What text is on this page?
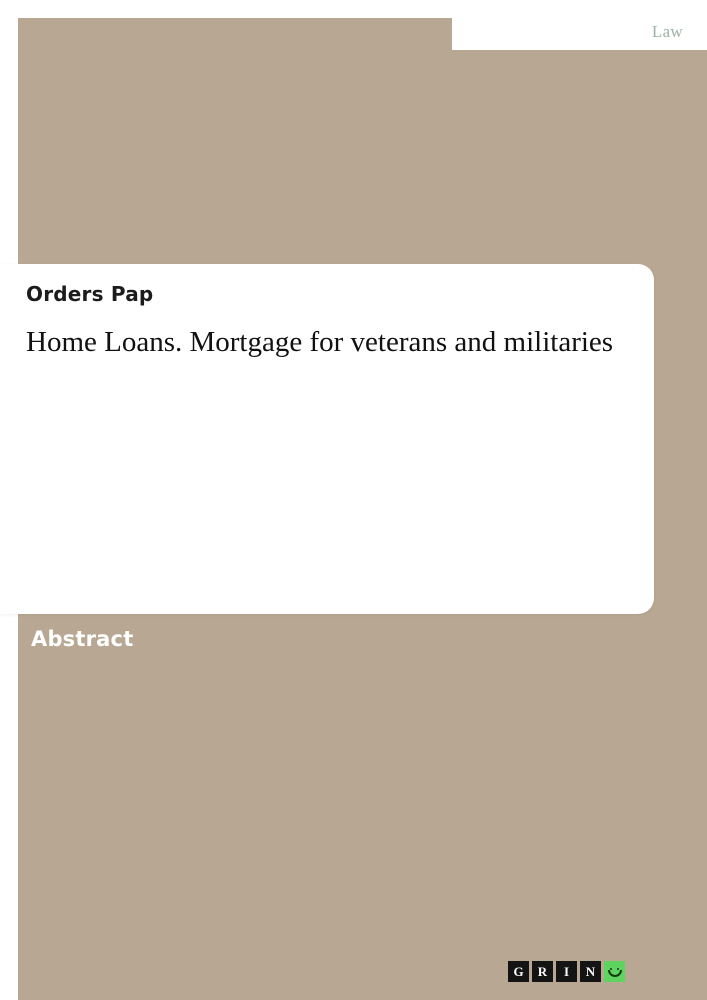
Law
Orders Pap
Home Loans. Mortgage for veterans and militaries
Abstract
G	R	I	N
